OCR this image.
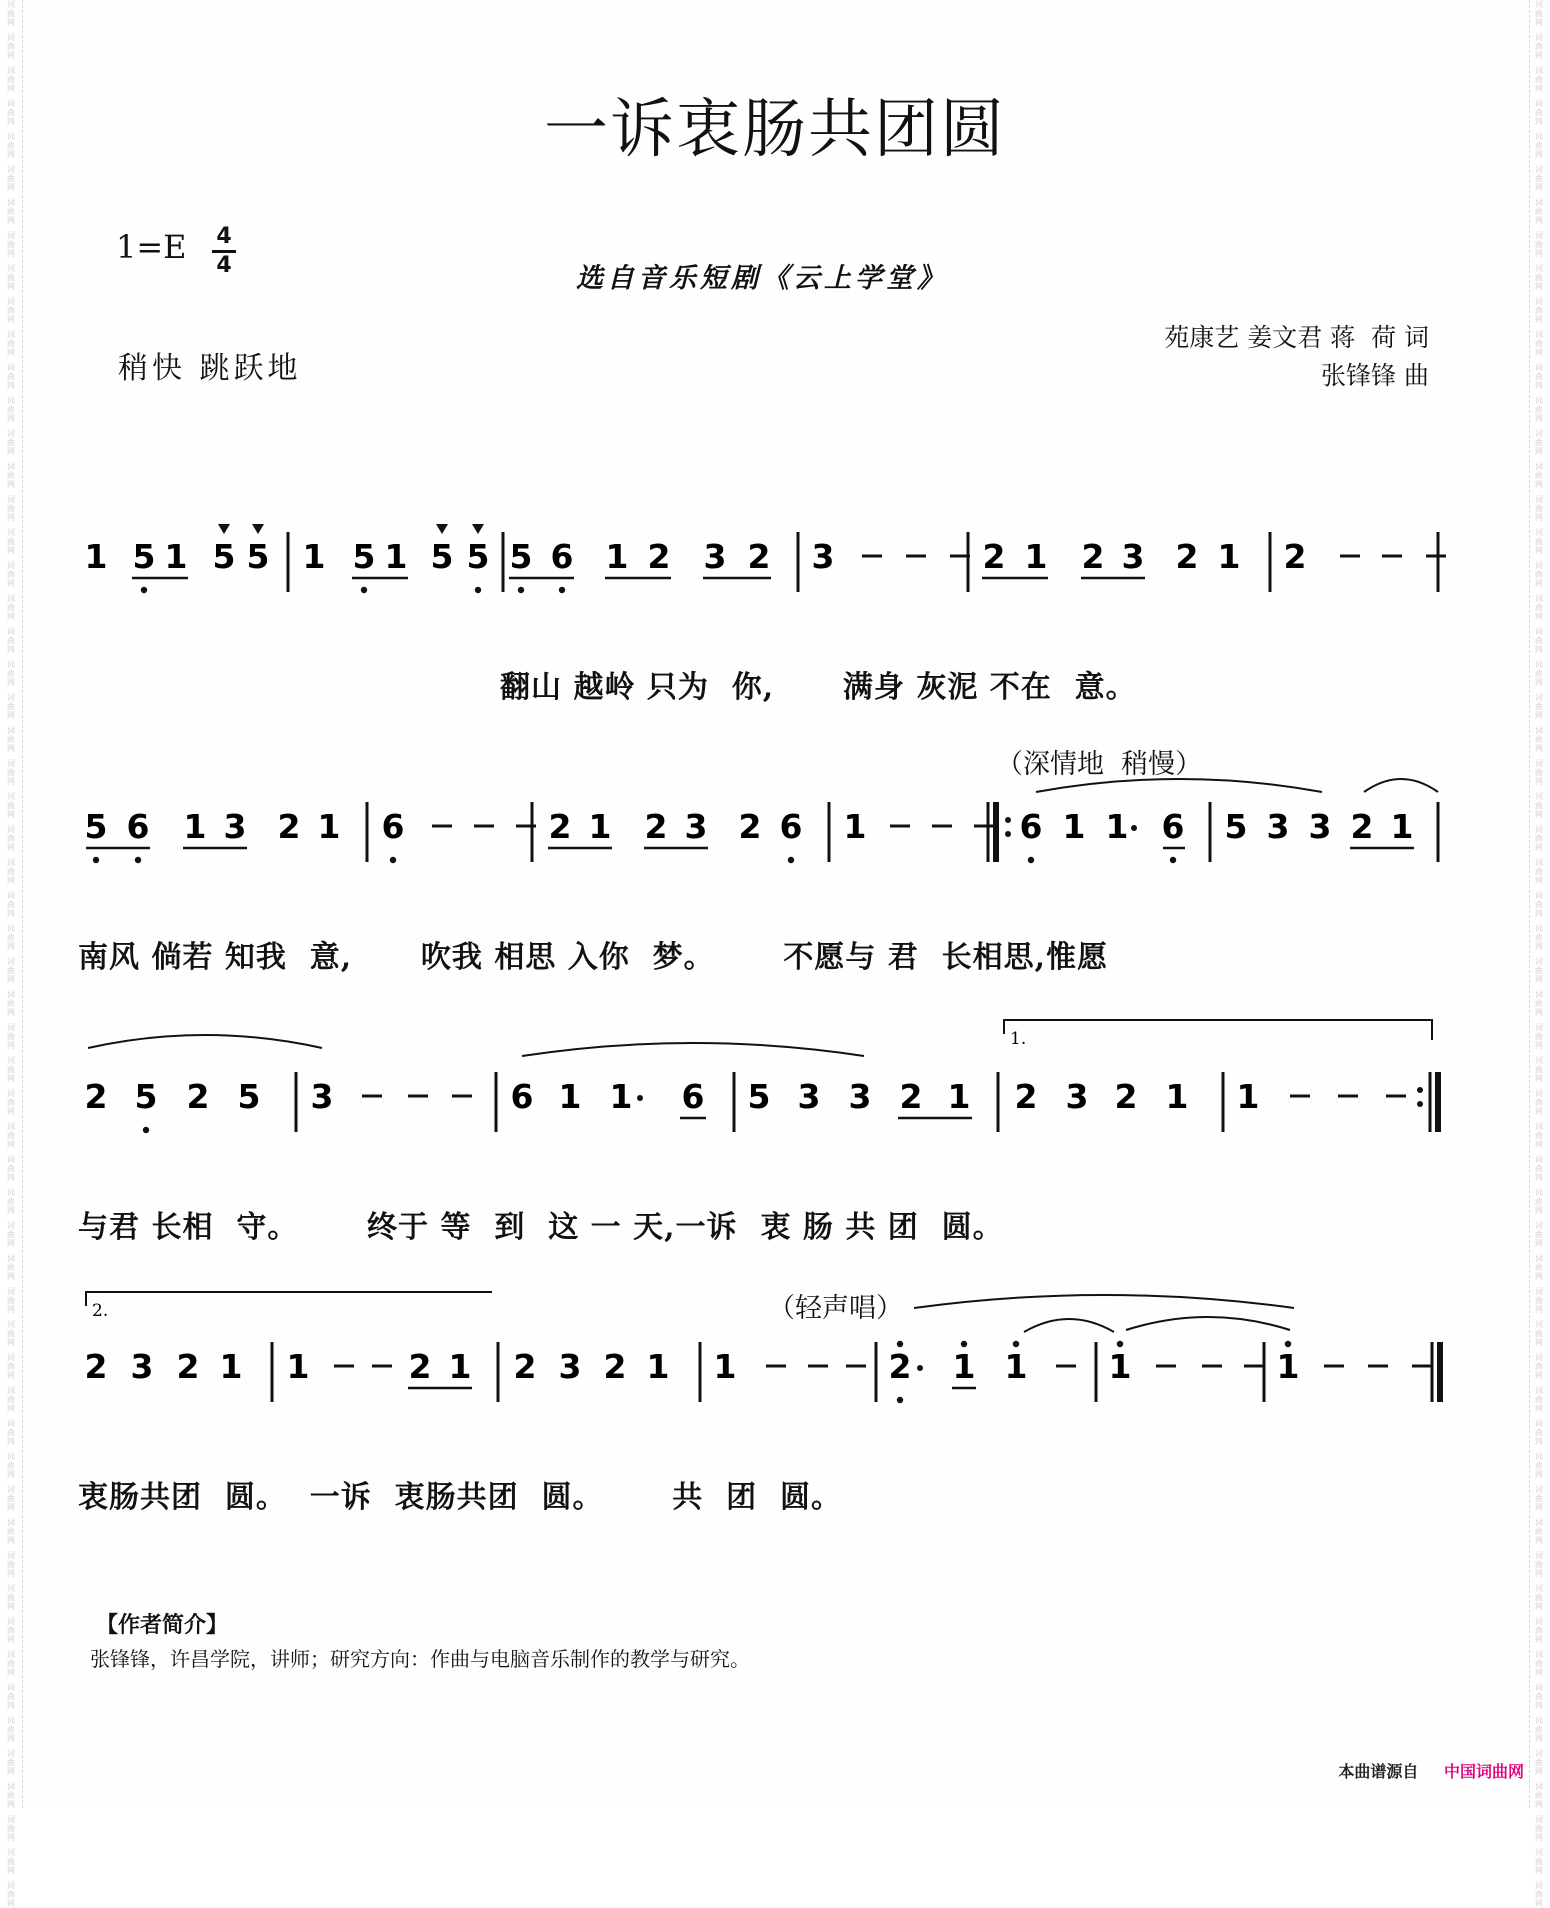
词
曲
网
词
曲
网
词
曲
网
词
曲
网
词
曲
网
词
曲
网
词
曲
网
词
曲
网
词
曲
网
词
曲
网
词
曲
网
词
曲
网
词
曲
网
词
曲
网
词
曲
网
词
曲
网
词
曲
网
词
曲
网
词
曲
网
词
曲
网
词
曲
网
词
曲
网
词
曲
网
词
曲
网
词
曲
网
词
曲
网
词
曲
网
词
曲
网
词
曲
网
词
曲
网
词
曲
网
词
曲
网
词
曲
网
词
曲
网
词
曲
网
词
曲
网
词
曲
网
词
曲
网
词
曲
网
词
曲
网
词
曲
网
词
曲
网
词
曲
网
词
曲
网
词
曲
网
词
曲
网
词
曲
网
词
曲
网
词
曲
网
词
曲
网
词
曲
网
词
曲
网
词
曲
网
词
曲
网
词
曲
网
词
曲
网
词
曲
网
词
曲
网
词
曲
网
词
曲
网
词
曲
网
词
曲
网
词
曲
网
词
曲
网
词
曲
网
词
曲
网
词
曲
网
词
曲
网
词
曲
网
词
曲
网
词
曲
网
词
曲
网
词
曲
网
词
曲
网
词
曲
网
词
曲
网
词
曲
网
词
曲
网
词
曲
网
词
曲
网
词
曲
网
词
曲
网
词
曲
网
词
曲
网
词
曲
网
词
曲
网
词
曲
网
词
曲
网
词
曲
网
词
曲
网
词
曲
网
词
曲
网
词
曲
网
词
曲
网
词
曲
网
词
曲
网
词
曲
网
词
曲
网
词
曲
网
词
曲
网
词
曲
网
词
曲
网
词
曲
网
词
曲
网
词
曲
网
词
曲
网
词
曲
网
词
曲
网
词
曲
网
词
曲
网
词
曲
网
词
曲
网
词
曲
网
词
曲
网
词
曲
网
词
曲
网
一诉衷肠共团圆
$1=E \frac{4}{4}$
选自音乐短剧《云上学堂》
稍快 跳跃地
苑康艺 姜文君 蒋  荷 词
张锋锋 曲
1 5 1 5 5 1 5 1 5 5 5 6 1 2 3 2 3	2 1 2 3 2 1 2
5 6 1 3 2 1 6	2 1 2 3 2 6 1	6 1 1 6 5 3 3 2 1
2 5 2 5 3	6 1 1 6 5 3 3 2 1 2 3 2 1 1
1.
2 3 2 1 1	2 1 2 3 2 1 1	2 1 1 1	1
2.
（深情地  稍慢）
（轻声唱）
翻山 越岭 只为  你,      满身 灰泥 不在  意。
南风 倘若 知我  意,      吹我 相思 入你  梦。      不愿与 君  长相思,惟愿
与君 长相  守。      终于 等  到  这 一 天,一诉  衷 肠 共 团  圆。
衷肠共团  圆。  一诉  衷肠共团  圆。      共  团  圆。
【作者简介】
张锋锋，许昌学院，讲师；研究方向：作曲与电脑音乐制作的教学与研究。
本曲谱源自 中国词曲网
